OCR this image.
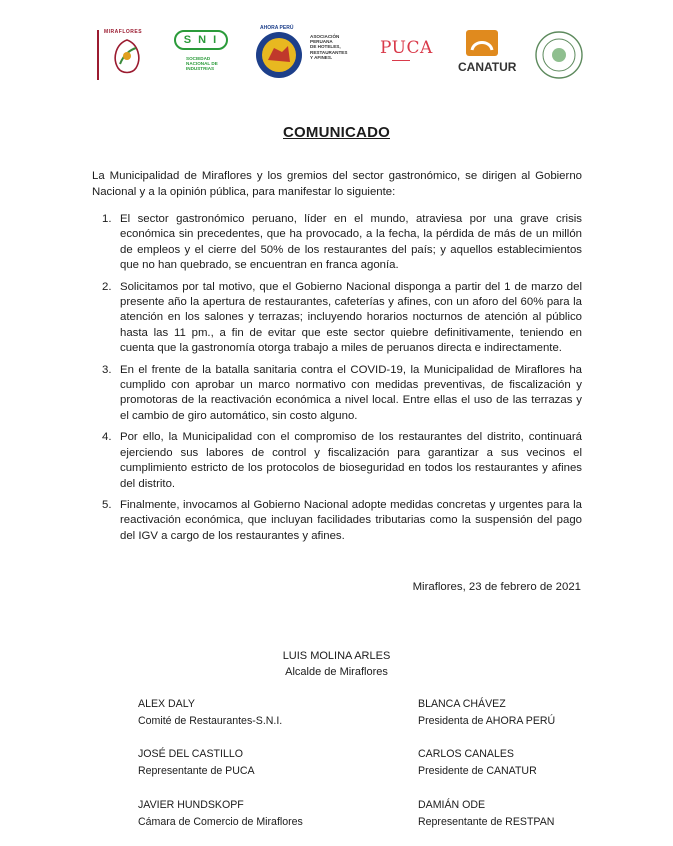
MIRAFLORES
S N I
SOCIEDAD
NACIONAL DE
INDUSTRIAS
AHORA PERÚ
ASOCIACIÓN
PERUANA
DE HOTELES,
RESTAURANTES
Y AFINES.	PUCA
CANATUR
COMUNICADO
La Municipalidad de Miraflores y los gremios del sector gastronómico, se dirigen al Gobierno Nacional y a la opinión pública, para manifestar lo siguiente:
1. El sector gastronómico peruano, líder en el mundo, atraviesa por una grave crisis económica sin precedentes, que ha provocado, a la fecha, la pérdida de más de un millón de empleos y el cierre del 50% de los restaurantes del país; y aquellos establecimientos que no han quebrado, se encuentran en franca agonía.
2. Solicitamos por tal motivo, que el Gobierno Nacional disponga a partir del 1 de marzo del presente año la apertura de restaurantes, cafeterías y afines, con un aforo del 60% para la atención en los salones y terrazas; incluyendo horarios nocturnos de atención al público hasta las 11 pm., a fin de evitar que este sector quiebre definitivamente, teniendo en cuenta que la gastronomía otorga trabajo a miles de peruanos directa e indirectamente.
3. En el frente de la batalla sanitaria contra el COVID-19, la Municipalidad de Miraflores ha cumplido con aprobar un marco normativo con medidas preventivas, de fiscalización y promotoras de la reactivación económica a nivel local. Entre ellas el uso de las terrazas y el cambio de giro automático, sin costo alguno.
4. Por ello, la Municipalidad con el compromiso de los restaurantes del distrito, continuará ejerciendo sus labores de control y fiscalización para garantizar a sus vecinos el cumplimiento estricto de los protocolos de bioseguridad en todos los restaurantes y afines del distrito.
5. Finalmente, invocamos al Gobierno Nacional adopte medidas concretas y urgentes para la reactivación económica, que incluyan facilidades tributarias como la suspensión del pago del IGV a cargo de los restaurantes y afines.
Miraflores, 23 de febrero de 2021
LUIS MOLINA ARLES
Alcalde de Miraflores
ALEX DALY
Comité de Restaurantes-S.N.I.
BLANCA CHÁVEZ
Presidenta de AHORA PERÚ
JOSÉ DEL CASTILLO
Representante de PUCA
CARLOS CANALES
Presidente de CANATUR
JAVIER HUNDSKOPF
Cámara de Comercio de Miraflores
DAMIÁN ODE
Representante de RESTPAN
